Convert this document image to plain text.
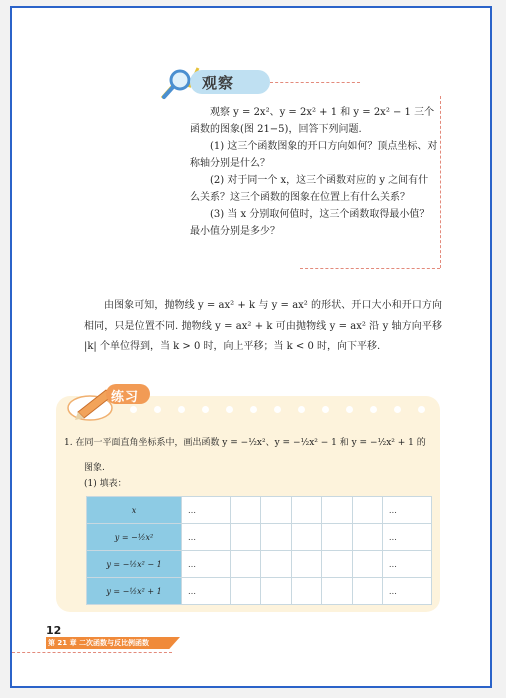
观察

观察 y = 2x²、y = 2x² + 1 和 y = 2x² − 1 三个函数的图象(图 21−5)，回答下列问题.

(1) 这三个函数图象的开口方向如何？顶点坐标、对称轴分别是什么？

(2) 对于同一个 x，这三个函数对应的 y 之间有什么关系？这三个函数的图象在位置上有什么关系？

(3) 当 x 分别取何值时，这三个函数取得最小值？最小值分别是多少？

由图象可知，抛物线 y = ax² + k 与 y = ax² 的形状、开口大小和开口方向相同，只是位置不同. 抛物线 y = ax² + k 可由抛物线 y = ax² 沿 y 轴方向平移 |k| 个单位得到，当 k > 0 时，向上平移；当 k < 0 时，向下平移.

练习
1. 在同一平面直角坐标系中，画出函数 y = −½x²、y = −½x² − 1 和 y = −½x² + 1 的
图象.
(1) 填表：
x	…						…
y = −½x²	…						…
y = −½x² − 1	…						…
y = −½x² + 1	…						…
12
第 21 章 二次函数与反比例函数
